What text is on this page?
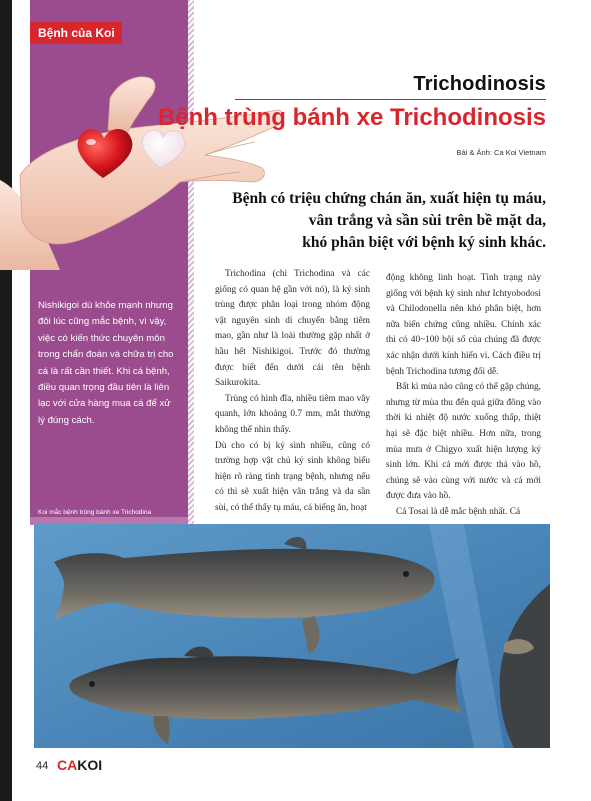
Bệnh của Koi
Trichodinosis
Bệnh trùng bánh xe Trichodinosis
Bài & Ảnh: Ca Koi Vietnam
Bệnh có triệu chứng chán ăn, xuất hiện tụ máu,
vân trắng và sần sùi trên bề mặt da,
khó phân biệt với bệnh ký sinh khác.
Nishikigoi dù khỏe mạnh nhưng đôi lúc cũng mắc bệnh, vì vậy, việc có kiến thức chuyên môn trong chẩn đoán và chữa trị cho cá là rất cần thiết. Khi cá bệnh, điều quan trọng đầu tiên là liên lạc với cửa hàng mua cá để xử lý đúng cách.
Koi mắc bệnh trùng bánh xe Trichodina

Trichodina (chi Trichodina và các giống có quan hệ gần với nó), là ký sinh trùng được phân loại trong nhóm động vật nguyên sinh di chuyển bằng tiêm mao, gần như là loài thường gặp nhất ở hầu hết Nishikigoi. Trước đó thường được biết đến dưới cái tên bệnh Saikurokita.

Trùng có hình đĩa, nhiều tiêm mao vây quanh, lớn khoảng 0.7 mm, mắt thường không thể nhìn thấy.

Dù cho có bị ký sinh nhiều, cũng có trường hợp vật chủ ký sinh không biểu hiện rõ ràng tình trạng bệnh, nhưng nếu có thì sẽ xuất hiện vân trắng và da sần sùi, có thể thấy tụ máu, cá biếng ăn, hoạt

động không linh hoạt. Tình trạng này giống với bệnh ký sinh như Ichtyobodosi và Chilodonella nên khó phân biệt, hơn nữa biến chứng cũng nhiều. Chính xác thì có 40~100 bội số của chúng đã được xác nhận dưới kính hiển vi. Cách điều trị bệnh Trichodina tương đối dễ.

Bất kì mùa nào cũng có thể gặp chúng, nhưng từ mùa thu đến quá giữa đông vào thời kì nhiệt độ nước xuống thấp, thiệt hại sẽ đặc biệt nhiều. Hơn nữa, trong mùa mưa ở Chigyo xuất hiện lượng ký sinh lớn. Khi cá mới được thả vào hồ, chúng sẽ vào cùng với nước và cá mới được đưa vào hồ.

Cá Tosai là dễ mắc bệnh nhất. Cá

44 CAKOI
